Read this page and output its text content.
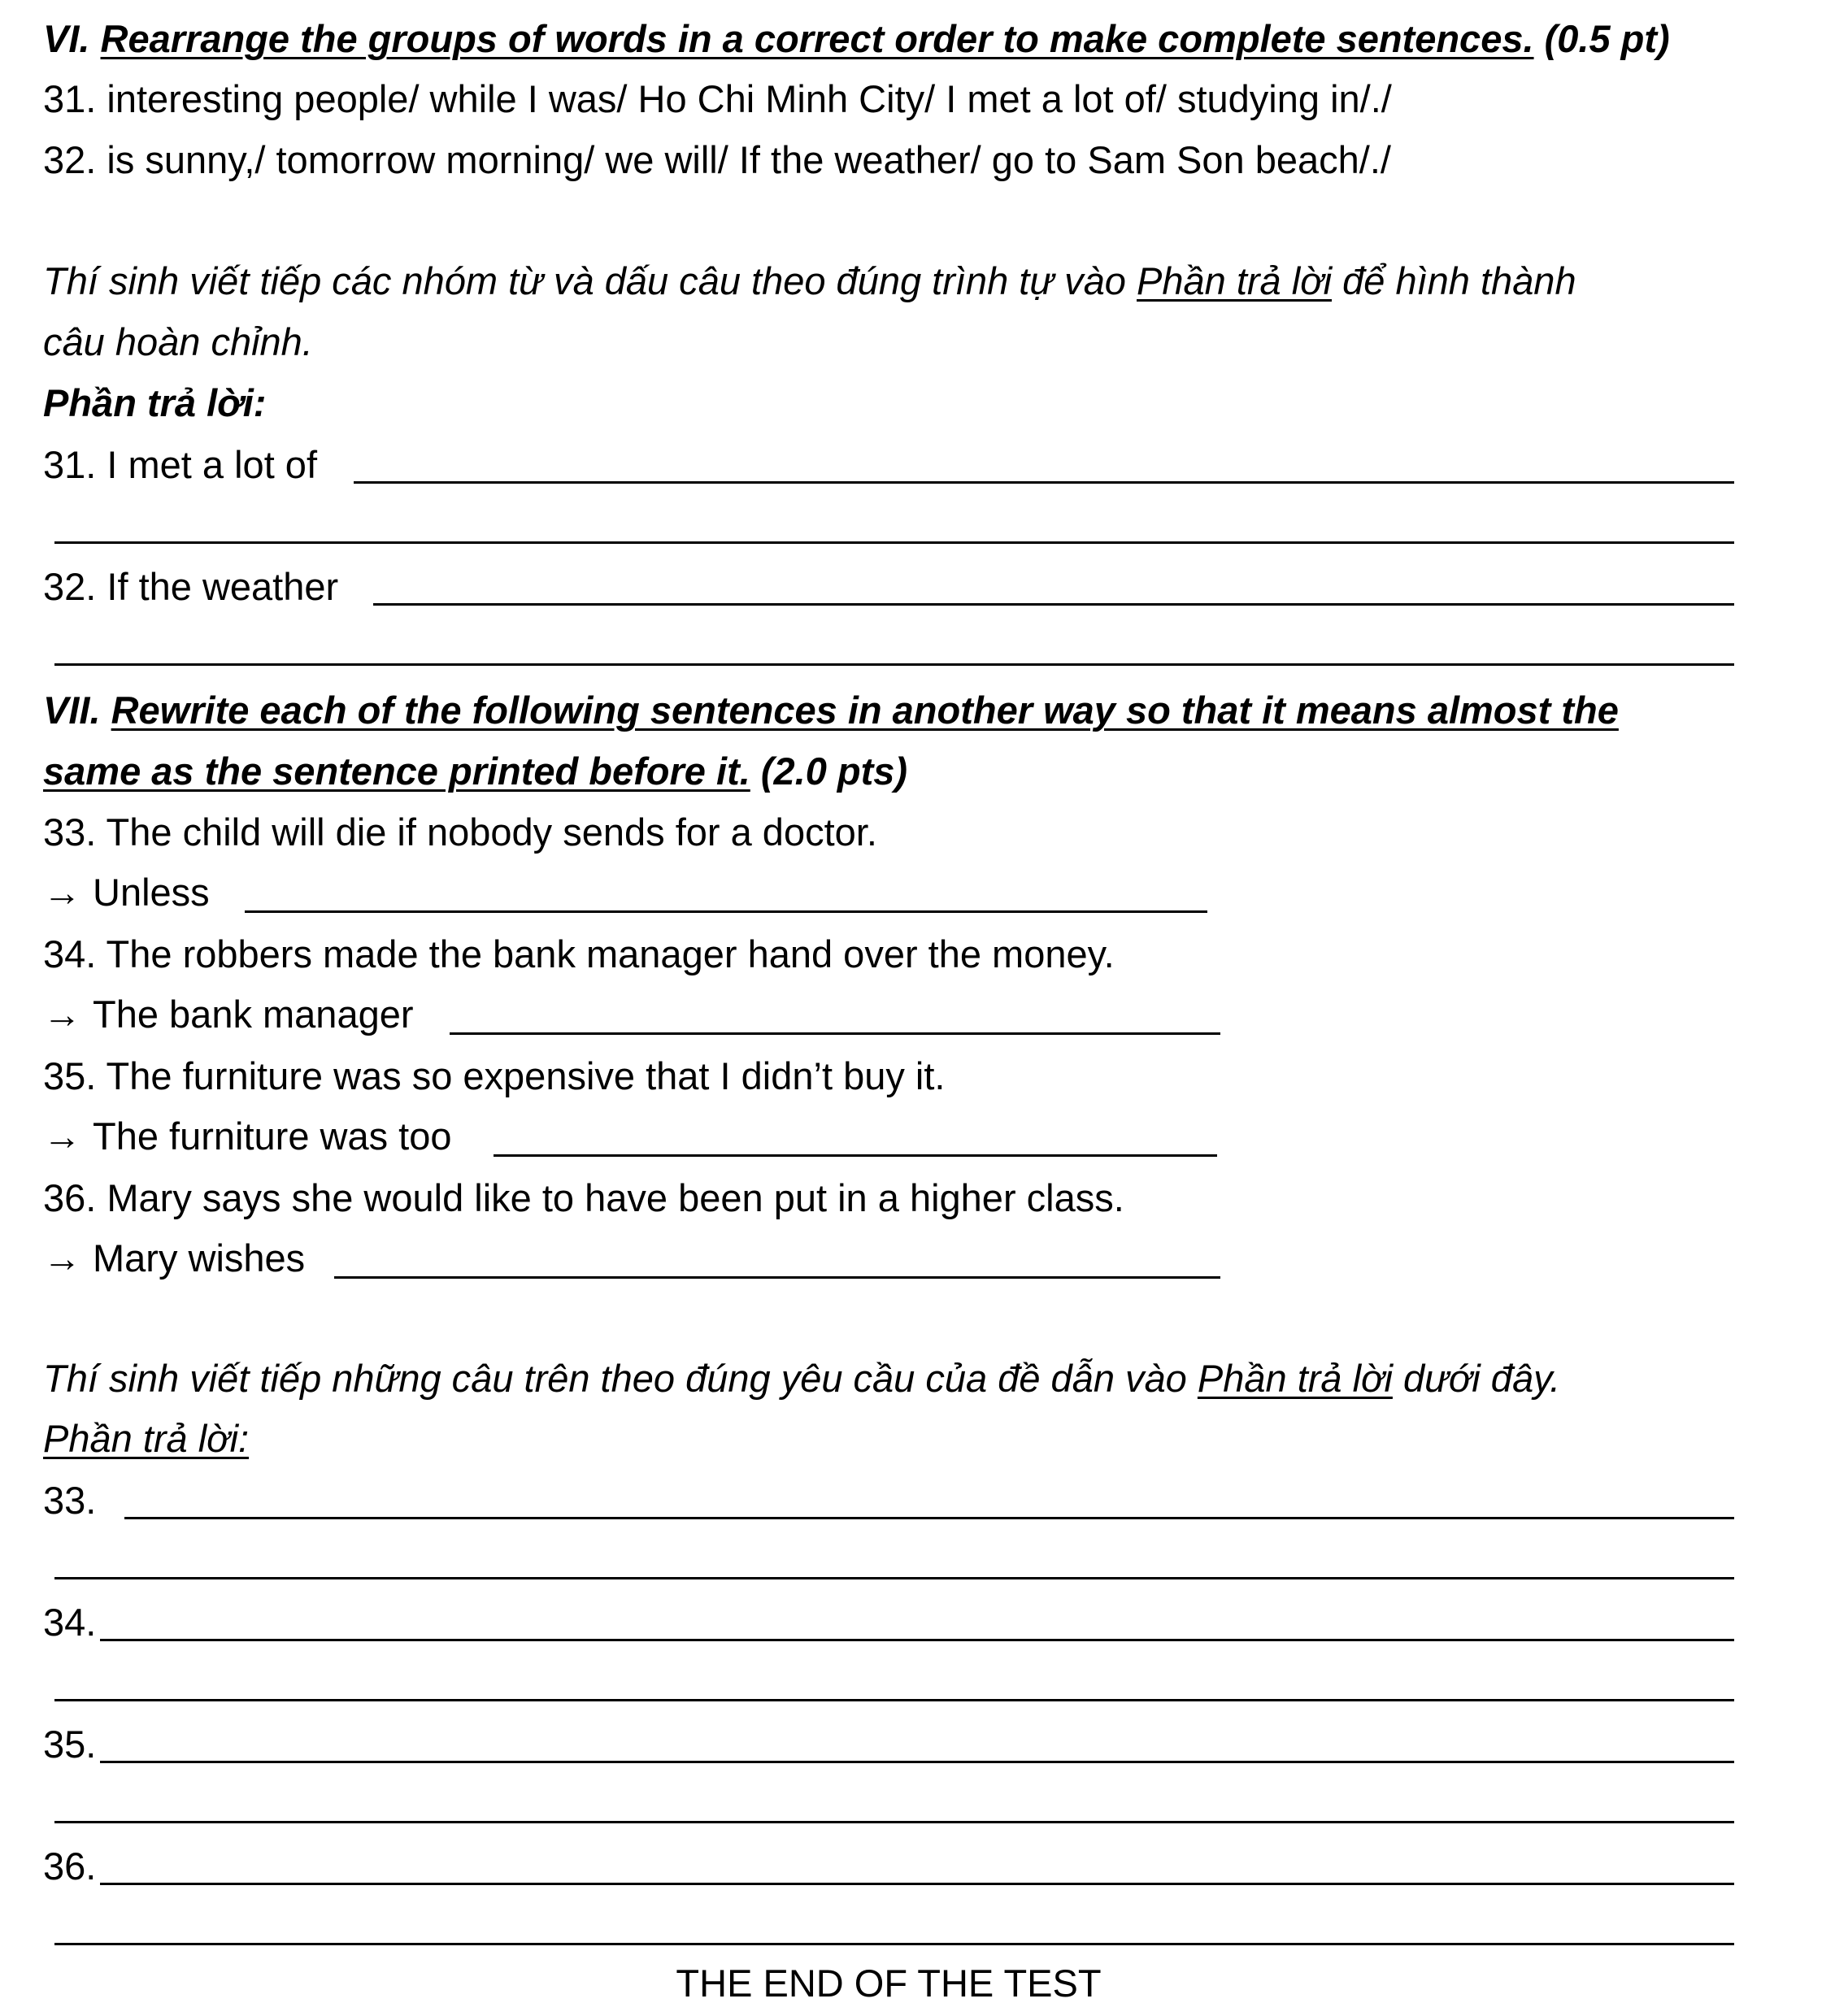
VI. Rearrange the groups of words in a correct order to make complete sentences. (0.5 pt)
31. interesting people/ while I was/ Ho Chi Minh City/ I met a lot of/ studying in/./
32. is sunny,/ tomorrow morning/ we will/ If the weather/ go to Sam Son beach/./
Thí sinh viết tiếp các nhóm từ và dấu câu theo đúng trình tự vào Phần trả lời để hình thành
câu hoàn chỉnh.
Phần trả lời:
31. I met a lot of
32. If the weather
VII. Rewrite each of the following sentences in another way so that it means almost the
same as the sentence printed before it. (2.0 pts)
33. The child will die if nobody sends for a doctor.
→ Unless
34. The robbers made the bank manager hand over the money.
→ The bank manager
35. The furniture was so expensive that I didn’t buy it.
→ The furniture was too
36. Mary says she would like to have been put in a higher class.
→ Mary wishes
Thí sinh viết tiếp những câu trên theo đúng yêu cầu của đề dẫn vào Phần trả lời dưới đây.
Phần trả lời:
33.
34.
35.
36.
THE END OF THE TEST
